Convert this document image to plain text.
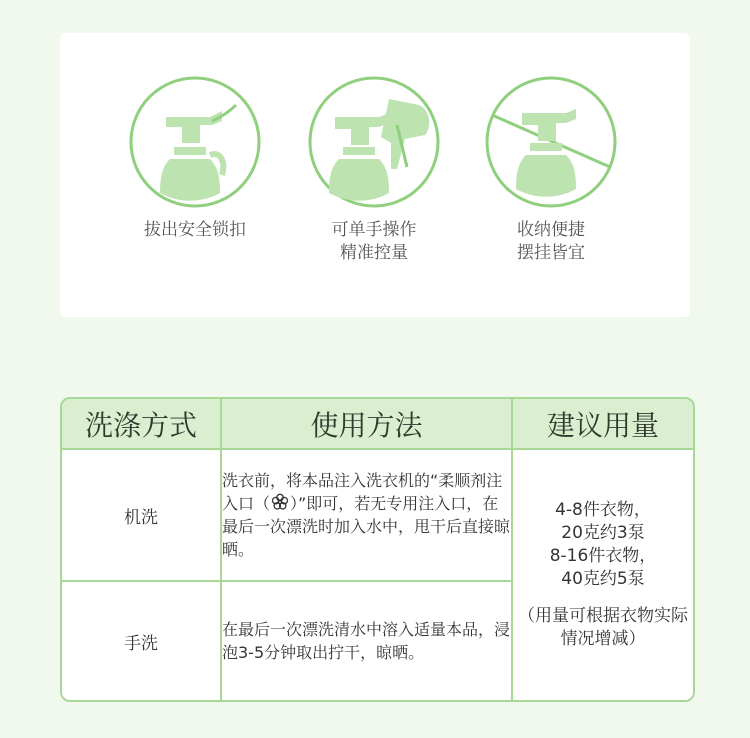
拔出安全锁扣	可单手操作
精准控量
收纳便捷
摆挂皆宜
洗涤方式	使用方法	建议用量
机洗	洗衣前，将本品注入洗衣机的“柔顺剂注入口（ ）”即可，若无专用注入口，在最后一次漂洗时加入水中，甩干后直接晾晒。	4-8件衣物，
20克约3泵
8-16件衣物，
40克约5泵
（用量可根据衣物实际情况增减）

手洗	在最后一次漂洗清水中溶入适量本品，浸泡3-5分钟取出拧干，晾晒。	
